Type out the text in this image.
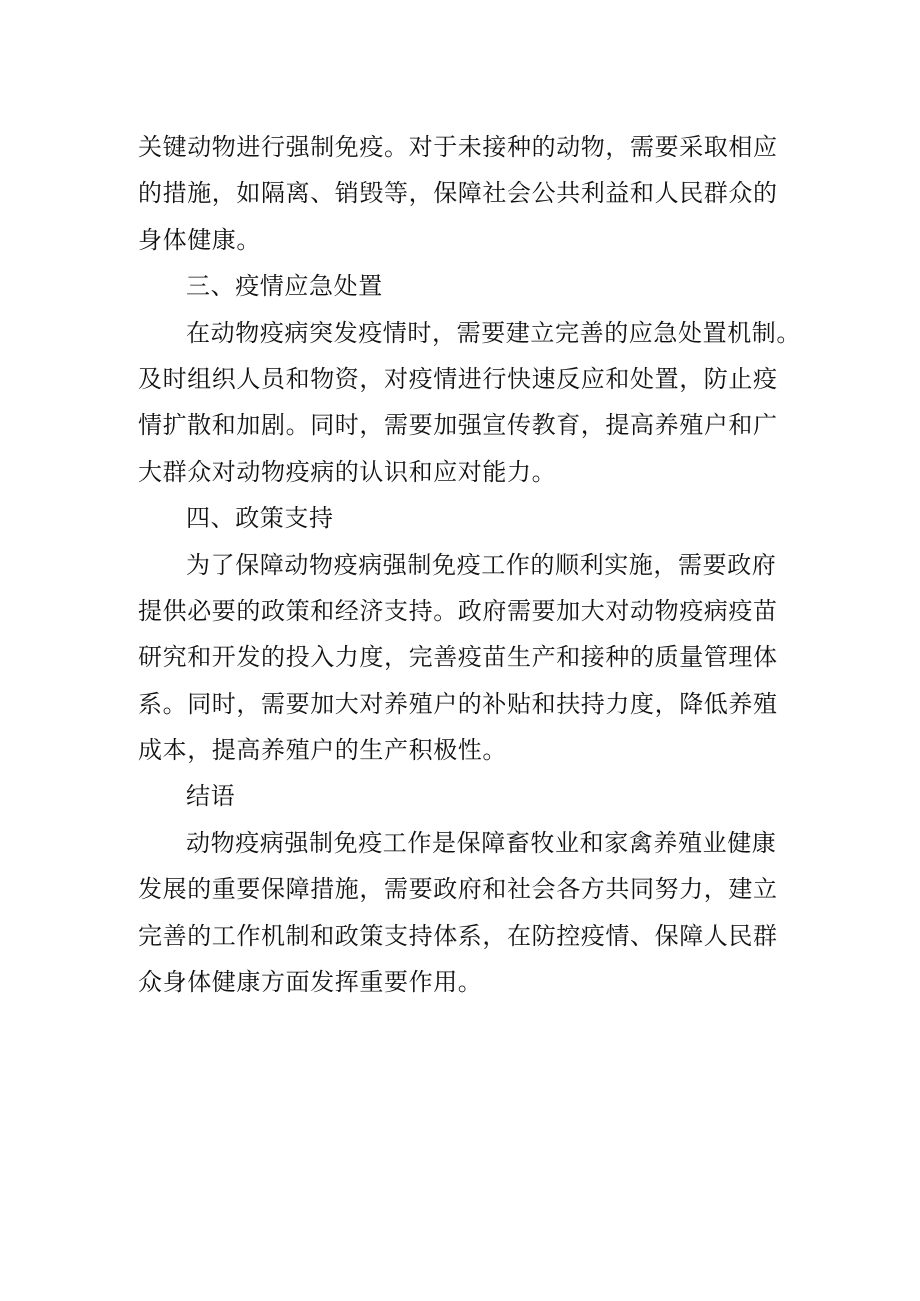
关键动物进行强制免疫。对于未接种的动物，需要采取相应
的措施，如隔离、销毁等，保障社会公共利益和人民群众的
身体健康。
三、疫情应急处置
在动物疫病突发疫情时，需要建立完善的应急处置机制。
及时组织人员和物资，对疫情进行快速反应和处置，防止疫
情扩散和加剧。同时，需要加强宣传教育，提高养殖户和广
大群众对动物疫病的认识和应对能力。
四、政策支持
为了保障动物疫病强制免疫工作的顺利实施，需要政府
提供必要的政策和经济支持。政府需要加大对动物疫病疫苗
研究和开发的投入力度，完善疫苗生产和接种的质量管理体
系。同时，需要加大对养殖户的补贴和扶持力度，降低养殖
成本，提高养殖户的生产积极性。
结语
动物疫病强制免疫工作是保障畜牧业和家禽养殖业健康
发展的重要保障措施，需要政府和社会各方共同努力，建立
完善的工作机制和政策支持体系，在防控疫情、保障人民群
众身体健康方面发挥重要作用。
